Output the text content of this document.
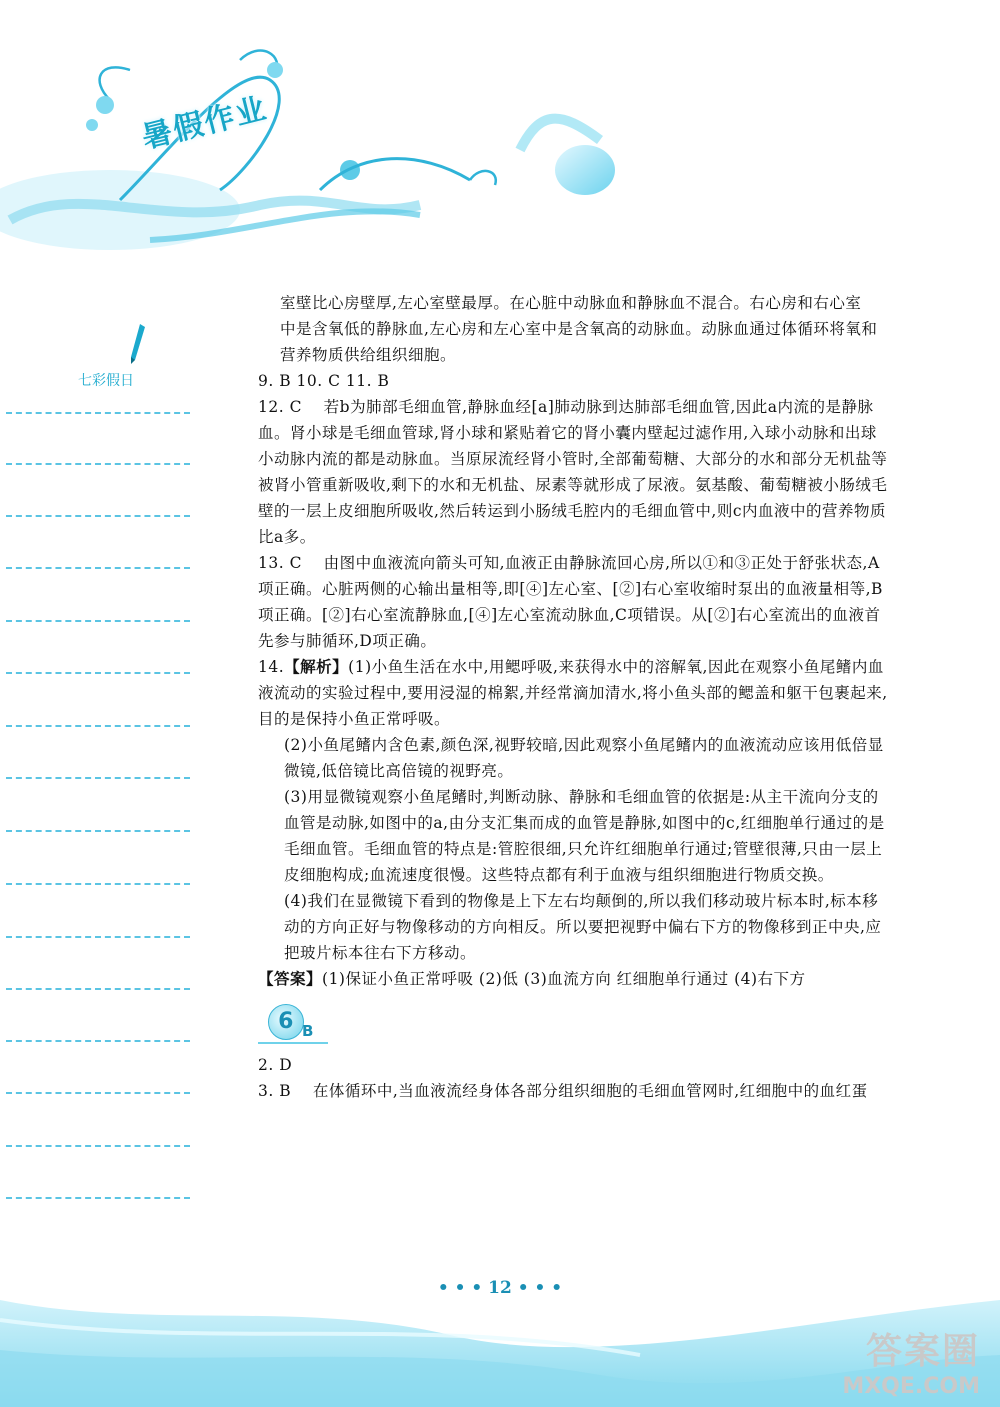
暑假作业
七彩假日

室壁比心房壁厚,左心室壁最厚。在心脏中动脉血和静脉血不混合。右心房和右心室

中是含氧低的静脉血,左心房和左心室中是含氧高的动脉血。动脉血通过体循环将氧和

营养物质供给组织细胞。

9. B 10. C 11. B

12. C 若b为肺部毛细血管,静脉血经[a]肺动脉到达肺部毛细血管,因此a内流的是静脉血。肾小球是毛细血管球,肾小球和紧贴着它的肾小囊内壁起过滤作用,入球小动脉和出球小动脉内流的都是动脉血。当原尿流经肾小管时,全部葡萄糖、大部分的水和部分无机盐等被肾小管重新吸收,剩下的水和无机盐、尿素等就形成了尿液。氨基酸、葡萄糖被小肠绒毛壁的一层上皮细胞所吸收,然后转运到小肠绒毛腔内的毛细血管中,则c内血液中的营养物质比a多。

13. C 由图中血液流向箭头可知,血液正由静脉流回心房,所以①和③正处于舒张状态,A项正确。心脏两侧的心输出量相等,即[④]左心室、[②]右心室收缩时泵出的血液量相等,B项正确。[②]右心室流静脉血,[④]左心室流动脉血,C项错误。从[②]右心室流出的血液首先参与肺循环,D项正确。

14.【解析】(1)小鱼生活在水中,用鳃呼吸,来获得水中的溶解氧,因此在观察小鱼尾鳍内血液流动的实验过程中,要用浸湿的棉絮,并经常滴加清水,将小鱼头部的鳃盖和躯干包裹起来,目的是保持小鱼正常呼吸。

(2)小鱼尾鳍内含色素,颜色深,视野较暗,因此观察小鱼尾鳍内的血液流动应该用低倍显微镜,低倍镜比高倍镜的视野亮。

(3)用显微镜观察小鱼尾鳍时,判断动脉、静脉和毛细血管的依据是:从主干流向分支的血管是动脉,如图中的a,由分支汇集而成的血管是静脉,如图中的c,红细胞单行通过的是毛细血管。毛细血管的特点是:管腔很细,只允许红细胞单行通过;管壁很薄,只由一层上皮细胞构成;血流速度很慢。这些特点都有利于血液与组织细胞进行物质交换。

(4)我们在显微镜下看到的物像是上下左右均颠倒的,所以我们移动玻片标本时,标本移动的方向正好与物像移动的方向相反。所以要把视野中偏右下方的物像移到正中央,应把玻片标本往右下方移动。

【答案】(1)保证小鱼正常呼吸 (2)低 (3)血流方向 红细胞单行通过 (4)右下方

6 B

2. D

3. B 在体循环中,当血液流经身体各部分组织细胞的毛细血管网时,红细胞中的血红蛋

• • • 12 • • •
答案圈
MXQE.COM
